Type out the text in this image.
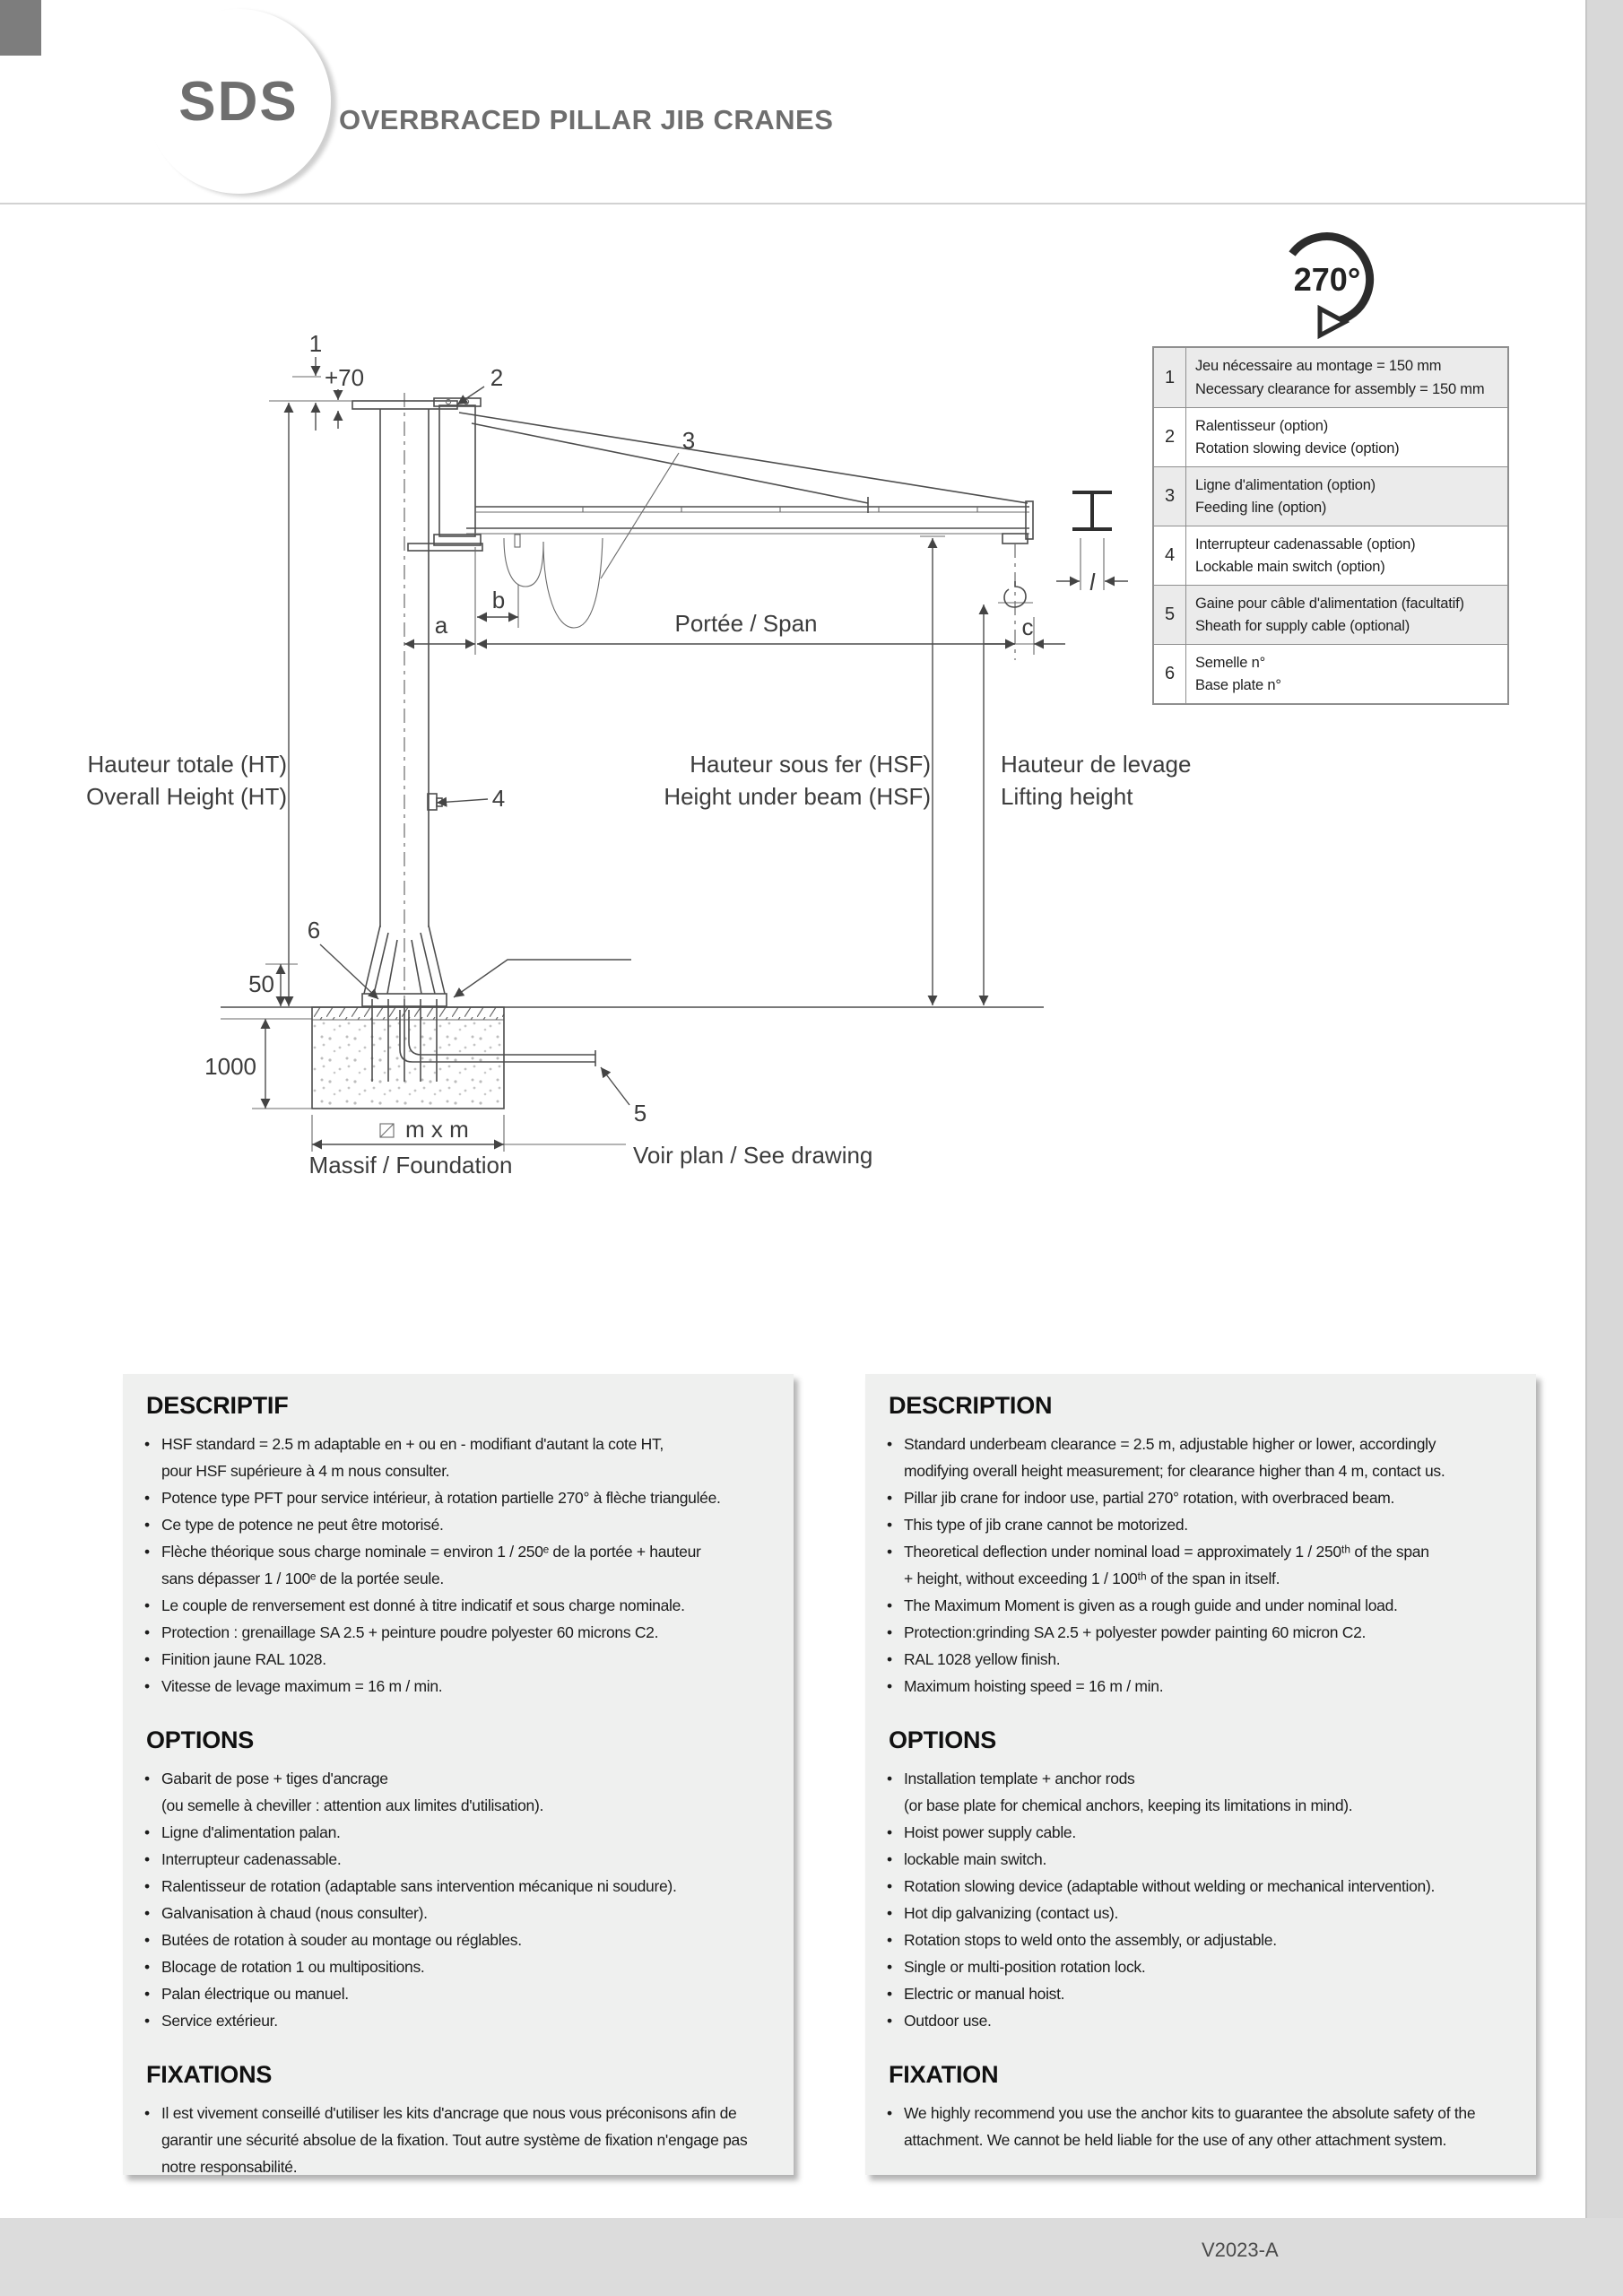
SDS OVERBRACED PILLAR JIB CRANES
270°
1
+70	2
3
4
5
6
a
b
c
l
Portée / Span
Hauteur totale (HT)
Overall Height (HT)
Hauteur sous fer (HSF)
Height under beam (HSF)
Hauteur de levage
Lifting height
50
1000
m x m
Massif / Foundation	Voir plan / See drawing
1
Jeu nécessaire au montage = 150 mm
Necessary clearance for assembly = 150 mm
2
Ralentisseur (option)
Rotation slowing device (option)
3
Ligne d'alimentation (option)
Feeding line (option)
4
Interrupteur cadenassable (option)
Lockable main switch (option)
5
Gaine pour câble d'alimentation (facultatif)
Sheath for supply cable (optional)
6
Semelle n°
Base plate n°
DESCRIPTIF
• HSF standard = 2.5 m adaptable en + ou en - modifiant d'autant la cote HT,
pour HSF supérieure à 4 m nous consulter.
• Potence type PFT pour service intérieur, à rotation partielle 270° à flèche triangulée.
• Ce type de potence ne peut être motorisé.
• Flèche théorique sous charge nominale = environ 1 / 250ᵉ de la portée + hauteur
sans dépasser 1 / 100ᵉ de la portée seule.
• Le couple de renversement est donné à titre indicatif et sous charge nominale.
• Protection : grenaillage SA 2.5 + peinture poudre polyester 60 microns C2.
• Finition jaune RAL 1028.
• Vitesse de levage maximum = 16 m / min.
OPTIONS
• Gabarit de pose + tiges d'ancrage
(ou semelle à cheviller : attention aux limites d'utilisation).
• Ligne d'alimentation palan.
• Interrupteur cadenassable.
• Ralentisseur de rotation (adaptable sans intervention mécanique ni soudure).
• Galvanisation à chaud (nous consulter).
• Butées de rotation à souder au montage ou réglables.
• Blocage de rotation 1 ou multipositions.
• Palan électrique ou manuel.
• Service extérieur.
FIXATIONS
• Il est vivement conseillé d'utiliser les kits d'ancrage que nous vous préconisons afin de garantir une sécurité absolue de la fixation. Tout autre système de fixation n'engage pas notre responsabilité.
DESCRIPTION
• Standard underbeam clearance = 2.5 m, adjustable higher or lower, accordingly
modifying overall height measurement; for clearance higher than 4 m, contact us.
• Pillar jib crane for indoor use, partial 270° rotation, with overbraced beam.
• This type of jib crane cannot be motorized.
• Theoretical deflection under nominal load = approximately 1 / 250ᵗʰ of the span
+ height, without exceeding 1 / 100ᵗʰ of the span in itself.
• The Maximum Moment is given as a rough guide and under nominal load.
• Protection:grinding SA 2.5 + polyester powder painting 60 micron C2.
• RAL 1028 yellow finish.
• Maximum hoisting speed = 16 m / min.
OPTIONS
• Installation template + anchor rods
(or base plate for chemical anchors, keeping its limitations in mind).
• Hoist power supply cable.
• lockable main switch.
• Rotation slowing device (adaptable without welding or mechanical intervention).
• Hot dip galvanizing (contact us).
• Rotation stops to weld onto the assembly, or adjustable.
• Single or multi-position rotation lock.
• Electric or manual hoist.
• Outdoor use.
FIXATION
• We highly recommend you use the anchor kits to guarantee the absolute safety of the attachment. We cannot be held liable for the use of any other attachment system.
V2023-A
